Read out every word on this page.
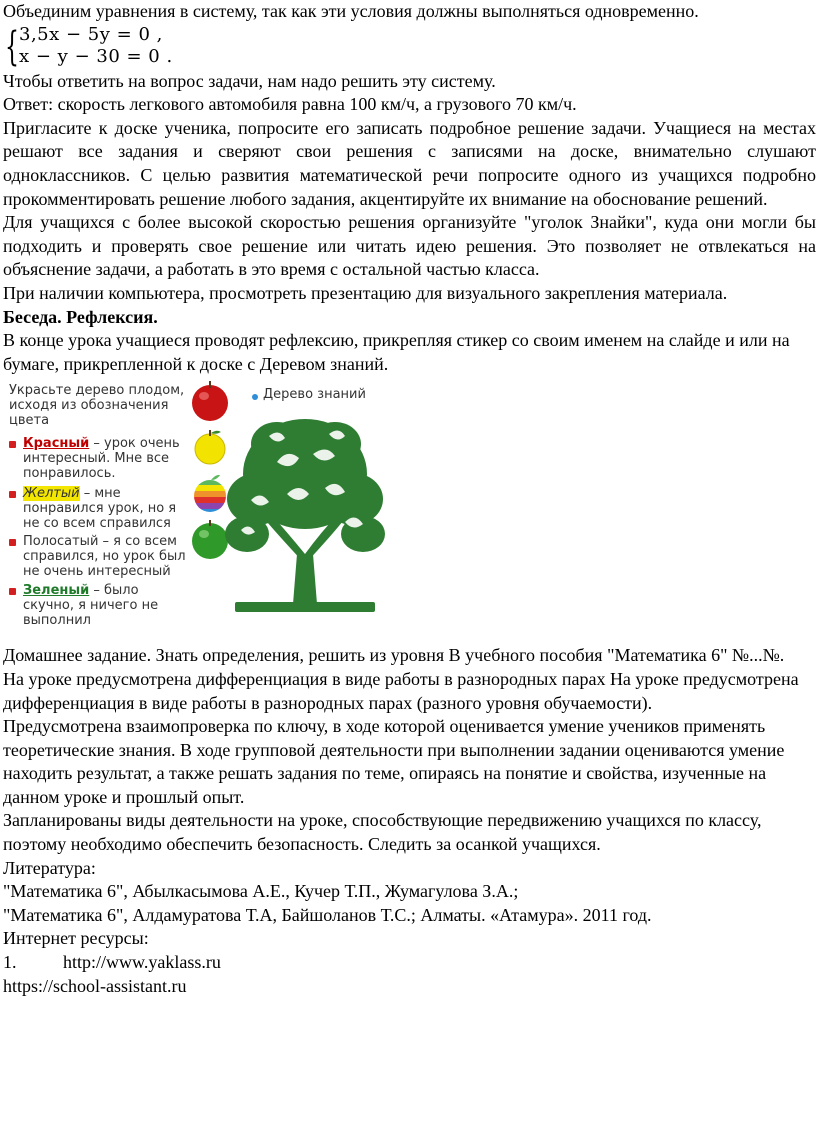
Объединим уравнения в систему, так как эти условия должны выполняться одновременно.

{ 3,5x − 5y = 0 ,
x − y − 30 = 0 .

Чтобы ответить на вопрос задачи, нам надо решить эту систему.

Ответ: скорость легкового автомобиля равна 100 км/ч, а грузового 70 км/ч.

Пригласите к доске ученика, попросите его записать подробное решение задачи. Учащиеся на местах решают все задания и сверяют свои решения с записями на доске, внимательно слушают одноклассников. С целью развития математической речи попросите одного из учащихся подробно прокомментировать решение любого задания, акцентируйте их внимание на обоснование решений.

Для учащихся с более высокой скоростью решения организуйте "уголок Знайки", куда они могли бы подходить и проверять свое решение или читать идею решения. Это позволяет не отвлекаться на объяснение задачи, а работать в это время с остальной частью класса.

При наличии компьютера, просмотреть презентацию для визуального закрепления материала.

Беседа. Рефлексия.

В конце урока учащиеся проводят рефлексию, прикрепляя стикер со своим именем на слайде и или на бумаге, прикрепленной к доске с Деревом знаний.

Украсьте дерево плодом, исходя из обозначения цвета
Красный – урок очень интересный. Мне все понравилось.
Желтый – мне понравился урок, но я не со всем справился
Полосатый – я со всем справился, но урок был не очень интересный
Зеленый – было скучно, я ничего не выполнил
Дерево знаний

Домашнее задание. Знать определения, решить из уровня В учебного пособия "Математика 6" №...№.

На уроке предусмотрена дифференциация в виде работы в разнородных парах На уроке предусмотрена дифференциация в виде работы в разнородных парах (разного уровня обучаемости).

Предусмотрена взаимопроверка по ключу, в ходе которой оценивается умение учеников применять теоретические знания. В ходе групповой деятельности при выполнении задании оцениваются умение находить результат, а также решать задания по теме, опираясь на понятие и свойства, изученные на данном уроке и прошлый опыт.

Запланированы виды деятельности на уроке, способствующие передвижению учащихся по классу, поэтому необходимо обеспечить безопасность. Следить за осанкой учащихся.

Литература:

"Математика 6", Абылкасымова А.Е., Кучер Т.П., Жумагулова З.А.;

"Математика 6", Алдамуратова Т.А, Байшоланов Т.С.; Алматы. «Атамура». 2011 год.

Интернет ресурсы:

1.	http://www.yaklass.ru

https://school-assistant.ru
